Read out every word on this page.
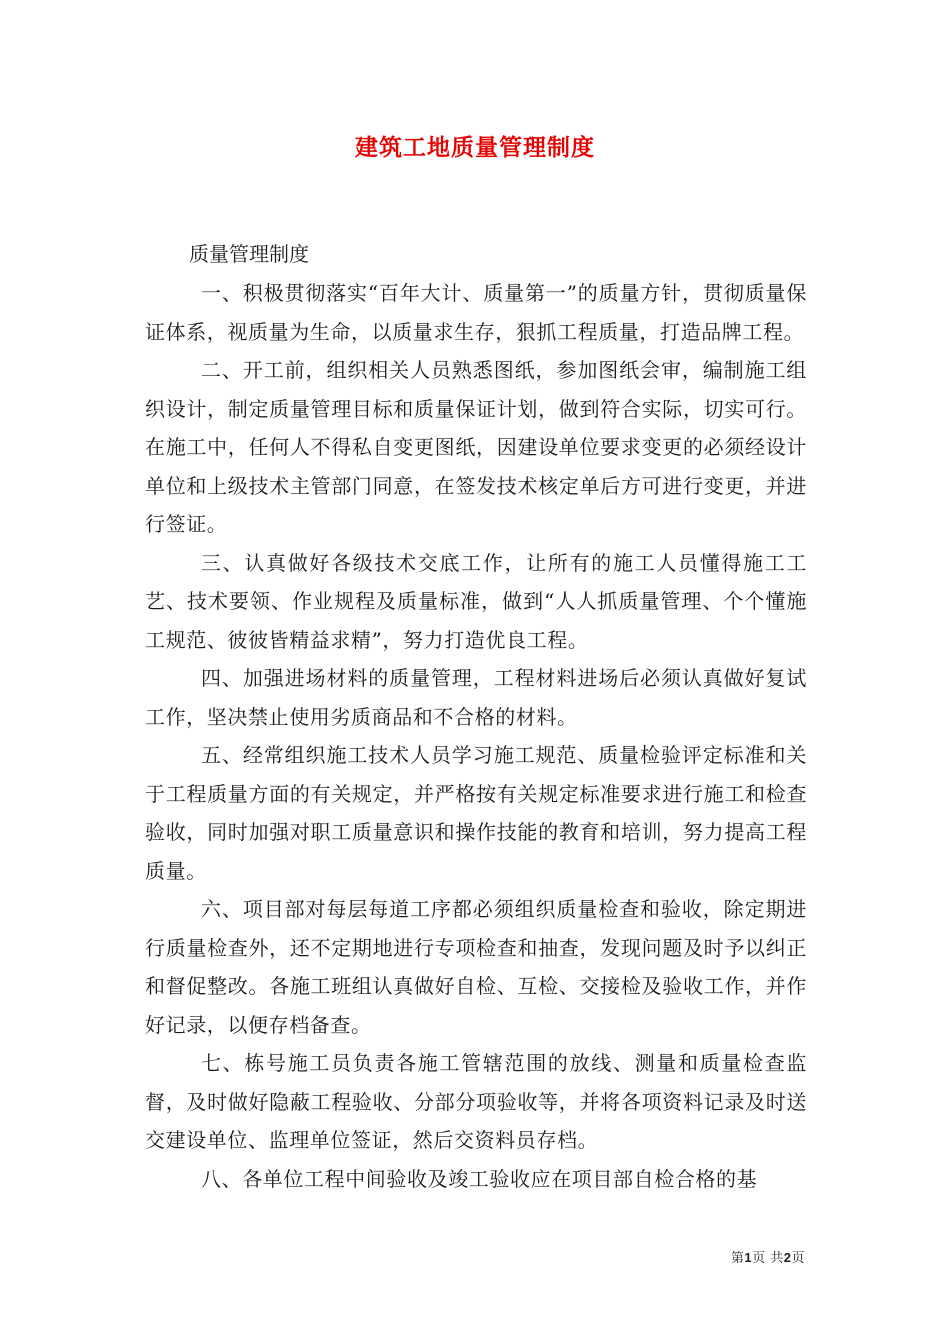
建筑工地质量管理制度

质量管理制度

一、积极贯彻落实“百年大计、质量第一”的质量方针，贯彻质量保证体系，视质量为生命，以质量求生存，狠抓工程质量，打造品牌工程。

二、开工前，组织相关人员熟悉图纸，参加图纸会审，编制施工组织设计，制定质量管理目标和质量保证计划，做到符合实际，切实可行。在施工中，任何人不得私自变更图纸，因建设单位要求变更的必须经设计单位和上级技术主管部门同意，在签发技术核定单后方可进行变更，并进行签证。

三、认真做好各级技术交底工作，让所有的施工人员懂得施工工艺、技术要领、作业规程及质量标准，做到“人人抓质量管理、个个懂施工规范、彼彼皆精益求精”，努力打造优良工程。

四、加强进场材料的质量管理，工程材料进场后必须认真做好复试工作，坚决禁止使用劣质商品和不合格的材料。

五、经常组织施工技术人员学习施工规范、质量检验评定标准和关于工程质量方面的有关规定，并严格按有关规定标准要求进行施工和检查验收，同时加强对职工质量意识和操作技能的教育和培训，努力提高工程质量。

六、项目部对每层每道工序都必须组织质量检查和验收，除定期进行质量检查外，还不定期地进行专项检查和抽查，发现问题及时予以纠正和督促整改。各施工班组认真做好自检、互检、交接检及验收工作，并作好记录，以便存档备查。

七、栋号施工员负责各施工管辖范围的放线、测量和质量检查监督，及时做好隐蔽工程验收、分部分项验收等，并将各项资料记录及时送交建设单位、监理单位签证，然后交资料员存档。

八、各单位工程中间验收及竣工验收应在项目部自检合格的基

第1页 共2页
